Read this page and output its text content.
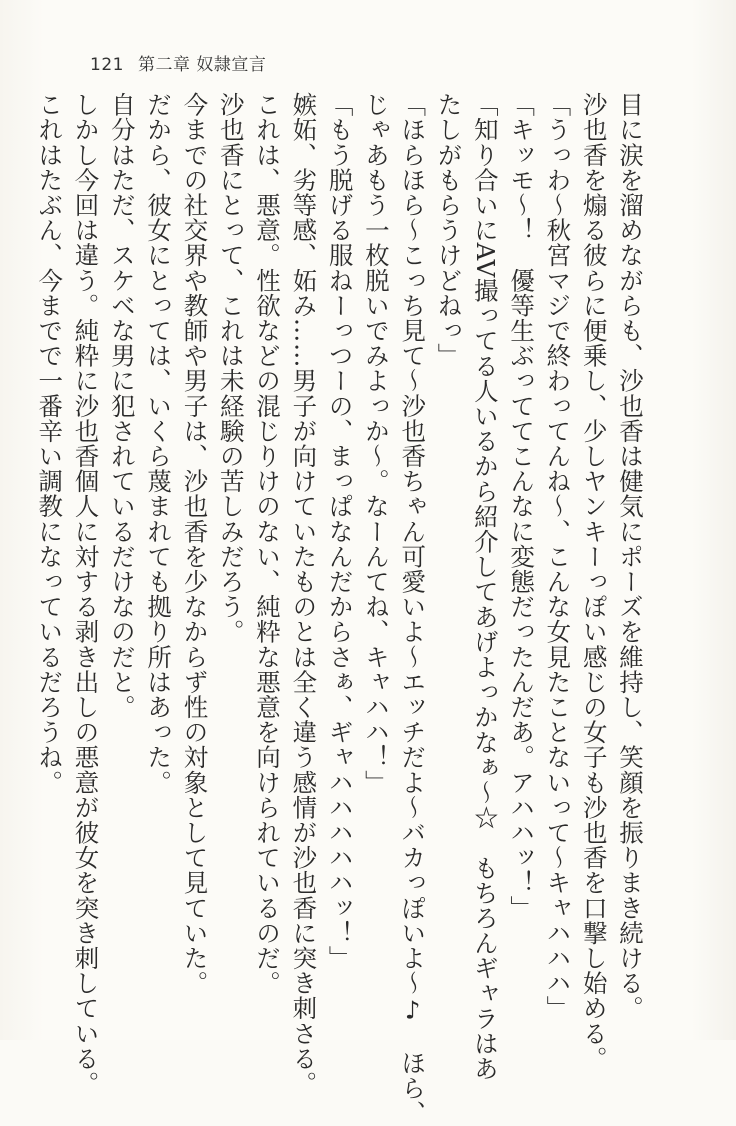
121 第二章 奴隷宣言

目に涙を溜めながらも、沙也香は健気にポーズを維持し、笑顔を振りまき続ける。

沙也香を煽る彼らに便乗し、少しヤンキーっぽい感じの女子も沙也香を口撃し始める。

「うっわ〜秋宮マジで終わってんね〜、こんな女見たことないって〜キャハハハ」

「キッモ〜！　優等生ぶっててこんなに変態だったんだあ。アハハッ！」

「知り合いにAV撮ってる人いるから紹介してあげよっかなぁ〜☆　もちろんギャラはあ

たしがもらうけどねっ」

「ほらほら〜こっち見て〜沙也香ちゃん可愛いよ〜エッチだよ〜バカっぽいよ〜♪　ほら、

じゃあもう一枚脱いでみよっか〜。なーんてね、キャハハ！」

「もう脱げる服ねーっつーの、まっぱなんだからさぁ、ギャハハハハハッ！」

嫉妬、劣等感、妬み……男子が向けていたものとは全く違う感情が沙也香に突き刺さる。

これは、悪意。性欲などの混じりけのない、純粋な悪意を向けられているのだ。

沙也香にとって、これは未経験の苦しみだろう。

今までの社交界や教師や男子は、沙也香を少なからず性の対象として見ていた。

だから、彼女にとっては、いくら蔑まれても拠り所はあった。

自分はただ、スケベな男に犯されているだけなのだと。

しかし今回は違う。純粋に沙也香個人に対する剥き出しの悪意が彼女を突き刺している。

これはたぶん、今までで一番辛い調教になっているだろうね。
